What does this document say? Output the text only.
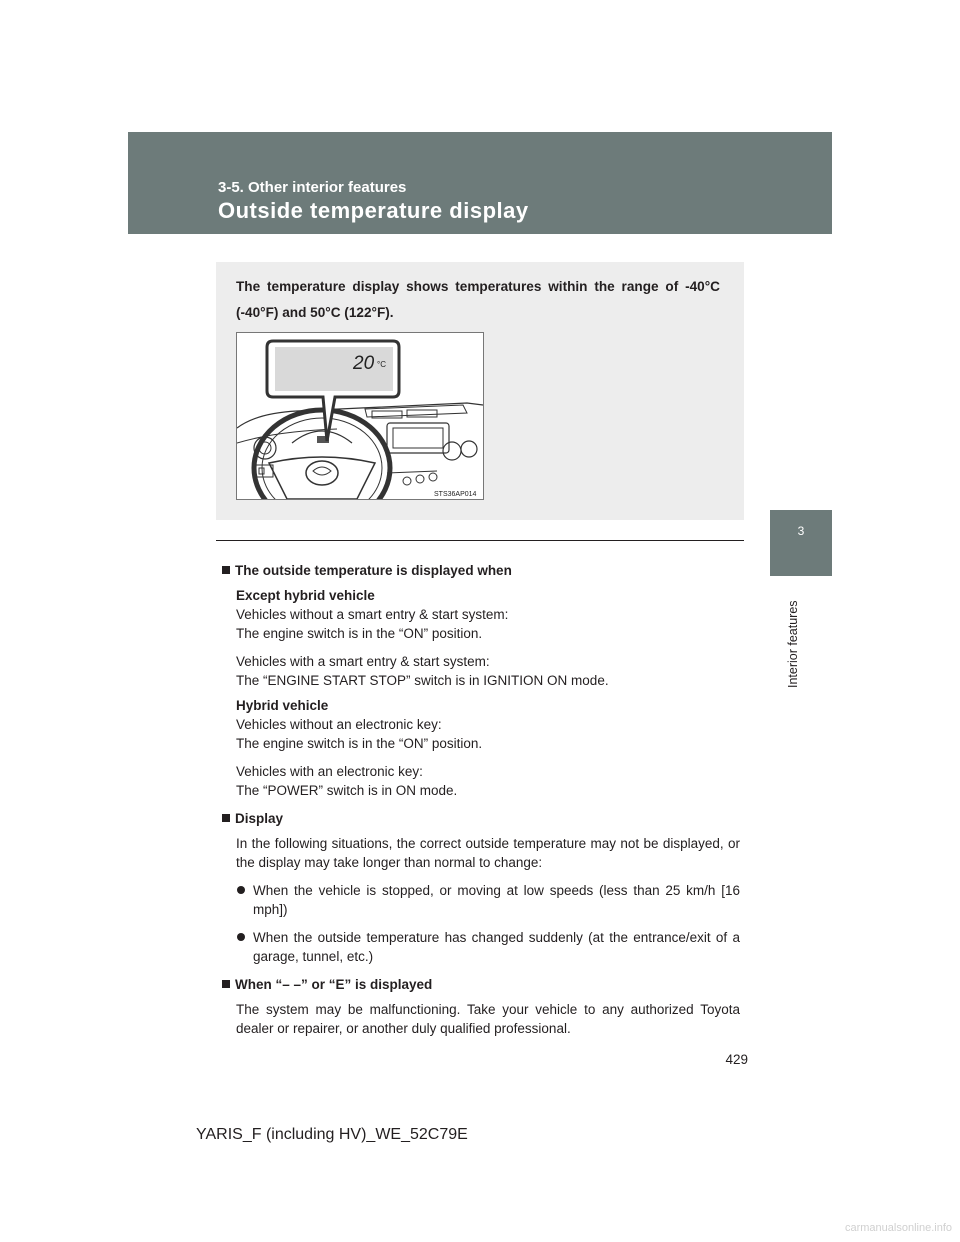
3-5. Other interior features
Outside temperature display
3
Interior features
The temperature display shows temperatures within the range of -40°C (-40°F) and 50°C (122°F).
20 °C
STS36AP014

The outside temperature is displayed when

Except hybrid vehicle

Vehicles without a smart entry & start system:

The engine switch is in the “ON” position.

Vehicles with a smart entry & start system:

The “ENGINE START STOP” switch is in IGNITION ON mode.

Hybrid vehicle

Vehicles without an electronic key:

The engine switch is in the “ON” position.

Vehicles with an electronic key:

The “POWER” switch is in ON mode.

Display

In the following situations, the correct outside temperature may not be displayed, or the display may take longer than normal to change:

When the vehicle is stopped, or moving at low speeds (less than 25 km/h [16 mph])

When the outside temperature has changed suddenly (at the entrance/exit of a garage, tunnel, etc.)

When “– –” or “E” is displayed

The system may be malfunctioning. Take your vehicle to any authorized Toyota dealer or repairer, or another duly qualified professional.

429
YARIS_F (including HV)_WE_52C79E
carmanualsonline.info
